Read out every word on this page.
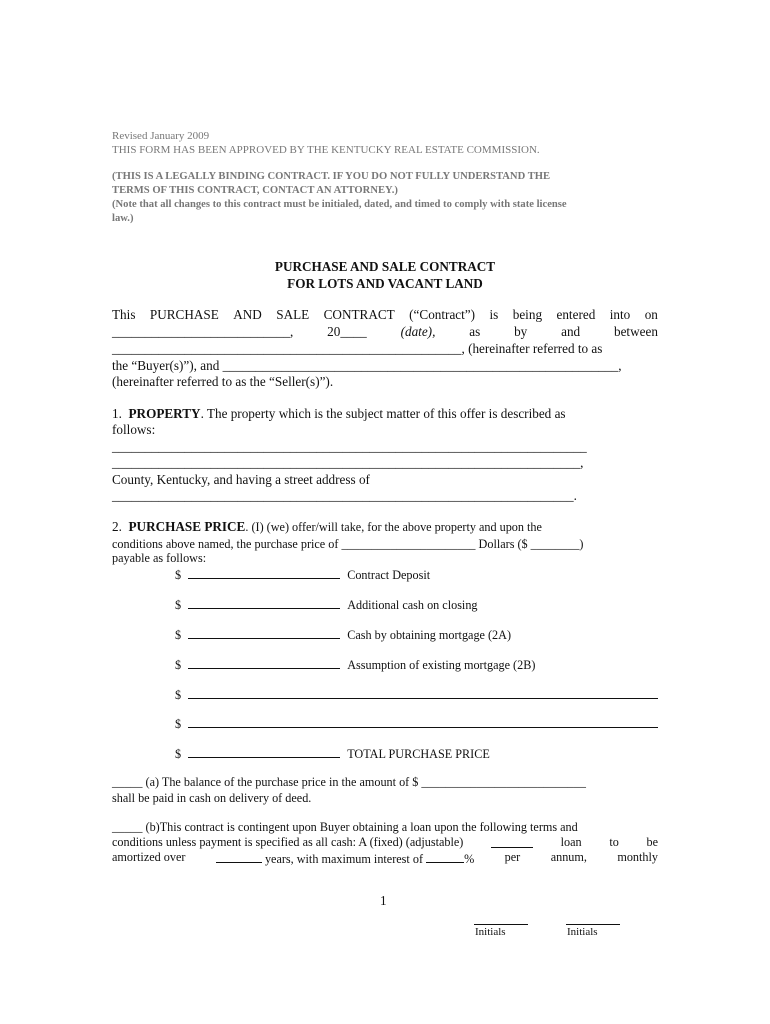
Revised January 2009
THIS FORM HAS BEEN APPROVED BY THE KENTUCKY REAL ESTATE COMMISSION.
(THIS IS A LEGALLY BINDING CONTRACT. IF YOU DO NOT FULLY UNDERSTAND THE
TERMS OF THIS CONTRACT, CONTACT AN ATTORNEY.)
(Note that all changes to this contract must be initialed, dated, and timed to comply with state license
law.)
PURCHASE AND SALE CONTRACT
FOR LOTS AND VACANT LAND
This PURCHASE AND SALE CONTRACT (“Contract”) is being entered into on
___________________________,	20____	(date),	as	by	and	between
_____________________________________________________, (hereinafter referred to as
the “Buyer(s)”), and ____________________________________________________________,
(hereinafter referred to as the “Seller(s)”).
1. PROPERTY. The property which is the subject matter of this offer is described as
follows:
________________________________________________________________________
_______________________________________________________________________,
County, Kentucky, and having a street address of
______________________________________________________________________.
2. PURCHASE PRICE. (I) (we) offer/will take, for the above property and upon the
conditions above named, the purchase price of ______________________ Dollars ($ ________)
payable as follows:
$	Contract Deposit
$	Additional cash on closing
$	Cash by obtaining mortgage (2A)
$	Assumption of existing mortgage (2B)
$
$
$	TOTAL PURCHASE PRICE
_____ (a) The balance of the purchase price in the amount of $ ___________________________
shall be paid in cash on delivery of deed.
_____ (b)This contract is contingent upon Buyer obtaining a loan upon the following terms and
conditions unless payment is specified as all cash: A (fixed) (adjustable)	loan to be
amortized over	years, with maximum interest of	% per annum, monthly
1
Initials	Initials
